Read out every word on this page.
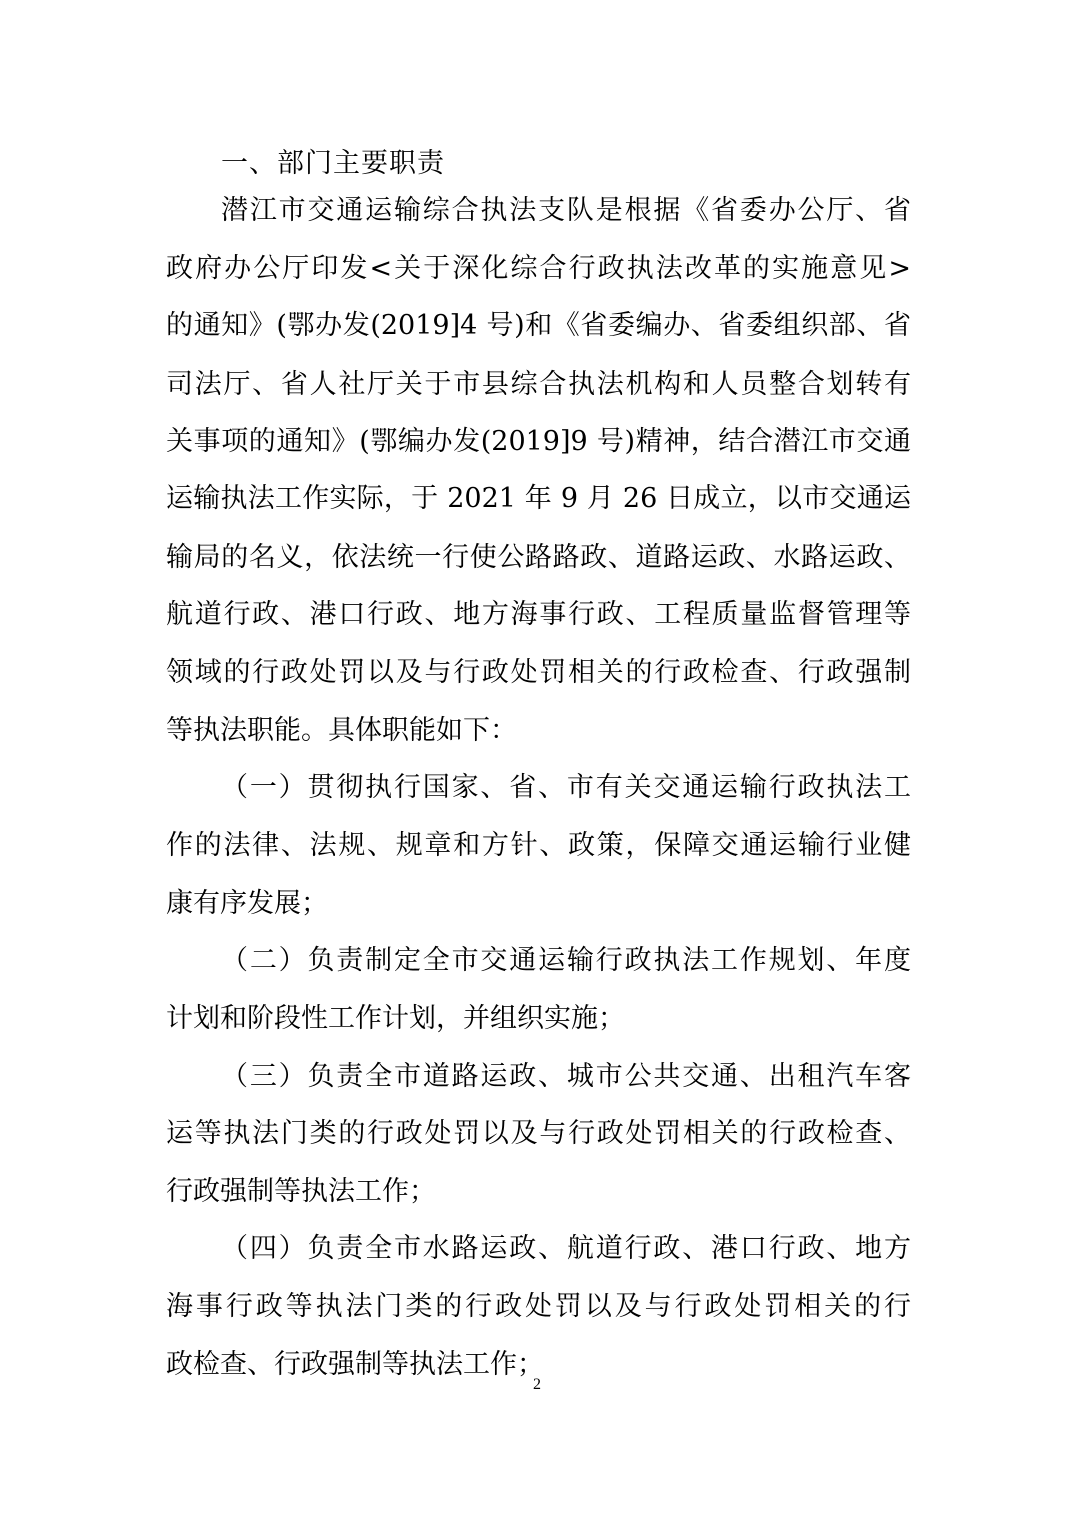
一、部门主要职责
潜江市交通运输综合执法支队是根据《省委办公厅、省
政府办公厅印发<关于深化综合行政执法改革的实施意见>
的通知》(鄂办发(2019]4 号)和《省委编办、省委组织部、省
司法厅、省人社厅关于市县综合执法机构和人员整合划转有
关事项的通知》(鄂编办发(2019]9 号)精神，结合潜江市交通
运输执法工作实际，于 2021 年 9 月 26 日成立，以市交通运
输局的名义，依法统一行使公路路政、道路运政、水路运政、
航道行政、港口行政、地方海事行政、工程质量监督管理等
领域的行政处罚以及与行政处罚相关的行政检查、行政强制
等执法职能。具体职能如下：
（一）贯彻执行国家、省、市有关交通运输行政执法工
作的法律、法规、规章和方针、政策，保障交通运输行业健
康有序发展；
（二）负责制定全市交通运输行政执法工作规划、年度
计划和阶段性工作计划，并组织实施；
（三）负责全市道路运政、城市公共交通、出租汽车客
运等执法门类的行政处罚以及与行政处罚相关的行政检查、
行政强制等执法工作；
（四）负责全市水路运政、航道行政、港口行政、地方
海事行政等执法门类的行政处罚以及与行政处罚相关的行
政检查、行政强制等执法工作；
2
